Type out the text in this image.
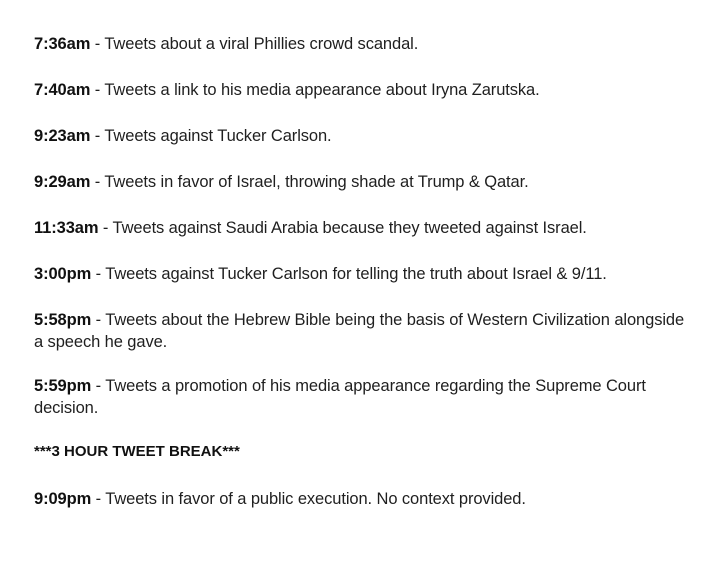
7:36am - Tweets about a viral Phillies crowd scandal.
7:40am - Tweets a link to his media appearance about Iryna Zarutska.
9:23am - Tweets against Tucker Carlson.
9:29am - Tweets in favor of Israel, throwing shade at Trump & Qatar.
11:33am - Tweets against Saudi Arabia because they tweeted against Israel.
3:00pm - Tweets against Tucker Carlson for telling the truth about Israel & 9/11.
5:58pm - Tweets about the Hebrew Bible being the basis of Western Civilization alongside a speech he gave.
5:59pm - Tweets a promotion of his media appearance regarding the Supreme Court decision.
***3 HOUR TWEET BREAK***
9:09pm - Tweets in favor of a public execution. No context provided.
